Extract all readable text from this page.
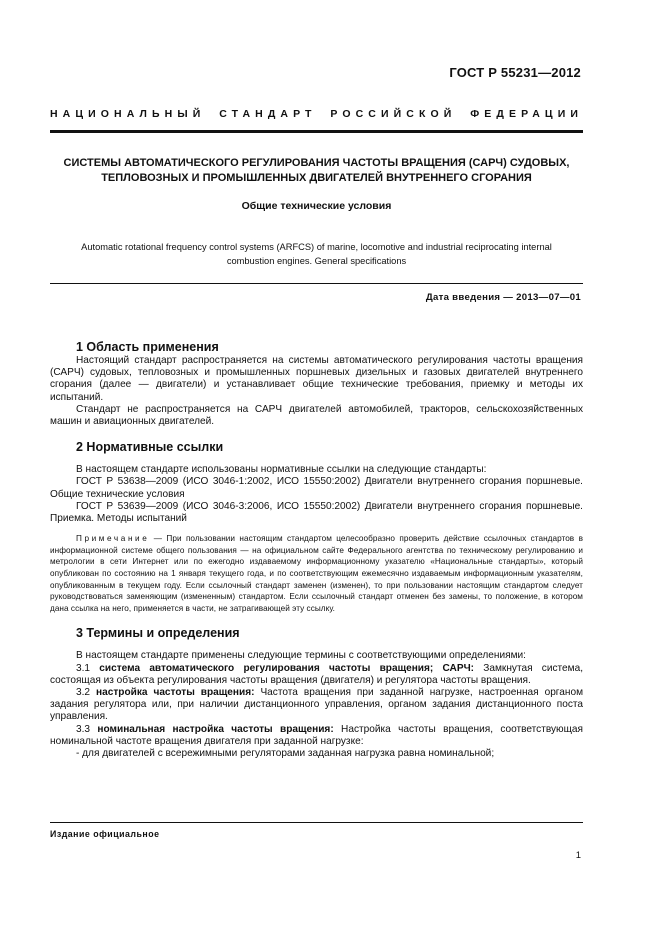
ГОСТ Р 55231—2012
НАЦИОНАЛЬНЫЙ СТАНДАРТ РОССИЙСКОЙ ФЕДЕРАЦИИ
СИСТЕМЫ АВТОМАТИЧЕСКОГО РЕГУЛИРОВАНИЯ ЧАСТОТЫ ВРАЩЕНИЯ (САРЧ) СУДОВЫХ,
ТЕПЛОВОЗНЫХ И ПРОМЫШЛЕННЫХ ДВИГАТЕЛЕЙ ВНУТРЕННЕГО СГОРАНИЯ
Общие технические условия
Automatic rotational frequency control systems (ARFCS) of marine, locomotive and industrial reciprocating internal
combustion engines. General specifications
Дата введения — 2013—07—01
1 Область применения

Настоящий стандарт распространяется на системы автоматического регулирования частоты вращения (САРЧ) судовых, тепловозных и промышленных поршневых дизельных и газовых двигателей внутреннего сгорания (далее — двигатели) и устанавливает общие технические требования, приемку и методы их испытаний.

Стандарт не распространяется на САРЧ двигателей автомобилей, тракторов, сельскохозяйственных машин и авиационных двигателей.

2 Нормативные ссылки

В настоящем стандарте использованы нормативные ссылки на следующие стандарты:

ГОСТ Р 53638—2009 (ИСО 3046-1:2002, ИСО 15550:2002) Двигатели внутреннего сгорания поршневые. Общие технические условия

ГОСТ Р 53639—2009 (ИСО 3046-3:2006, ИСО 15550:2002) Двигатели внутреннего сгорания поршневые. Приемка. Методы испытаний

Примечание — При пользовании настоящим стандартом целесообразно проверить действие ссылочных стандартов в информационной системе общего пользования — на официальном сайте Федерального агентства по техническому регулированию и метрологии в сети Интернет или по ежегодно издаваемому информационному указателю «Национальные стандарты», который опубликован по состоянию на 1 января текущего года, и по соответствующим ежемесячно издаваемым информационным указателям, опубликованным в текущем году. Если ссылочный стандарт заменен (изменен), то при пользовании настоящим стандартом следует руководствоваться заменяющим (измененным) стандартом. Если ссылочный стандарт отменен без замены, то положение, в котором дана ссылка на него, применяется в части, не затрагивающей эту ссылку.

3 Термины и определения

В настоящем стандарте применены следующие термины с соответствующими определениями:

3.1 система автоматического регулирования частоты вращения; САРЧ: Замкнутая система, состоящая из объекта регулирования частоты вращения (двигателя) и регулятора частоты вращения.

3.2 настройка частоты вращения: Частота вращения при заданной нагрузке, настроенная органом задания регулятора или, при наличии дистанционного управления, органом задания дистанционного поста управления.

3.3 номинальная настройка частоты вращения: Настройка частоты вращения, соответствующая номинальной частоте вращения двигателя при заданной нагрузке:

- для двигателей с всережимными регуляторами заданная нагрузка равна номинальной;

Издание официальное
1
